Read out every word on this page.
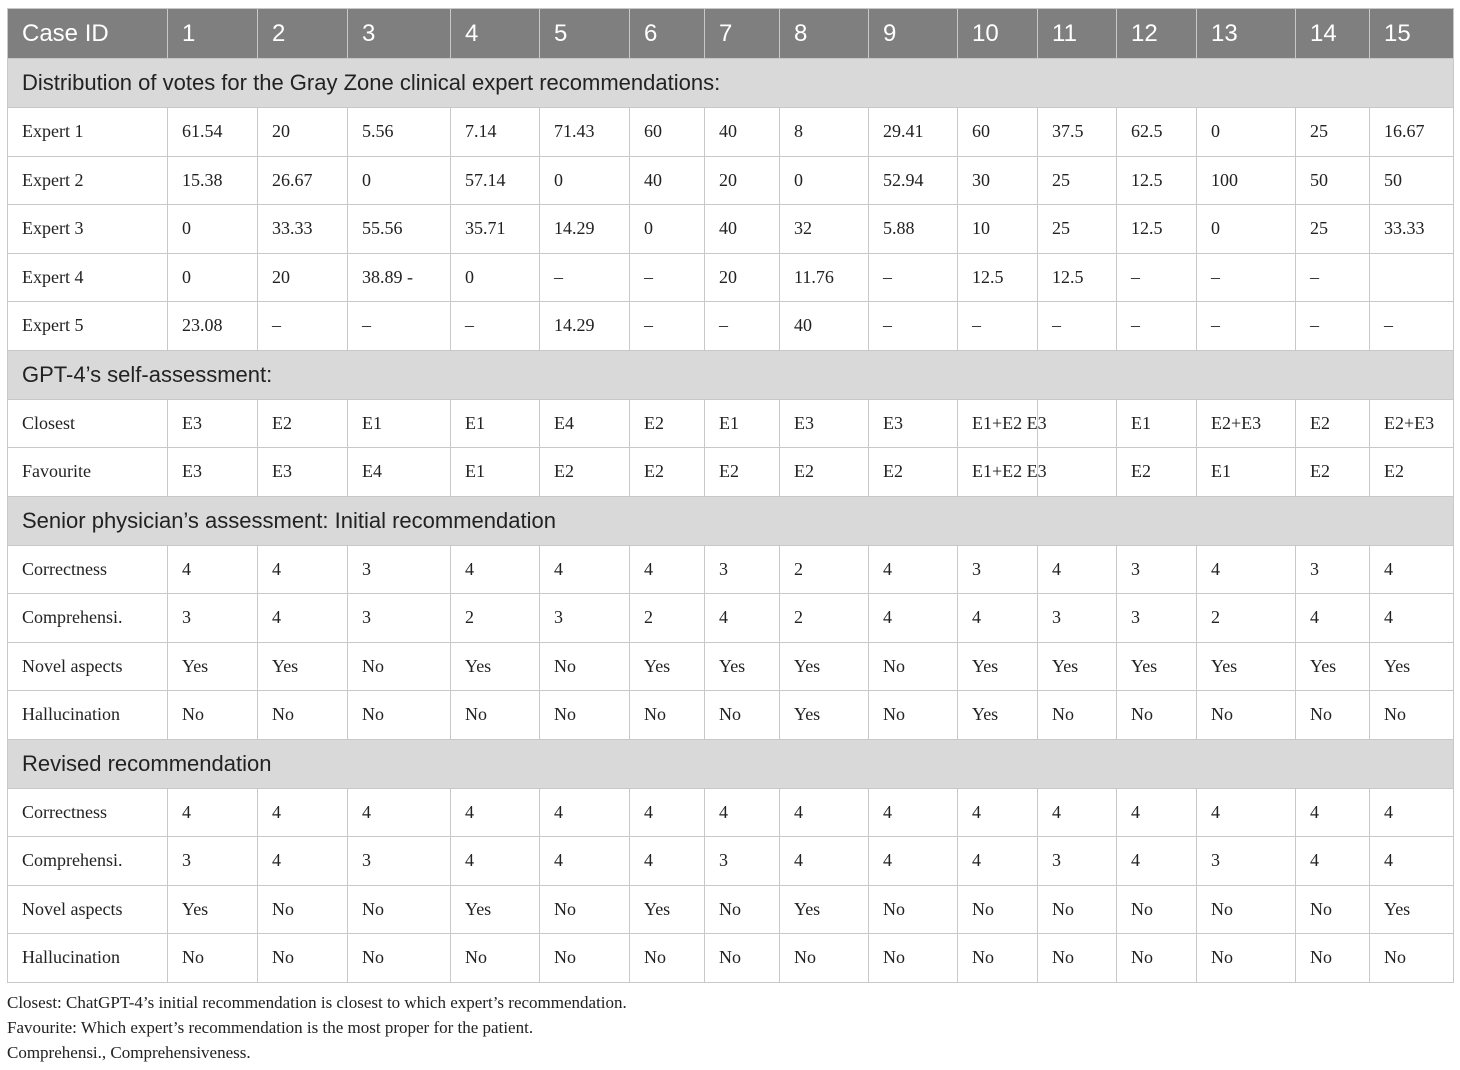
Case ID	1	2	3	4	5	6	7	8	9	10	11	12	13	14	15
Distribution of votes for the Gray Zone clinical expert recommendations:															
Expert 1	61.54	20	5.56	7.14	71.43	60	40	8	29.41	60	37.5	62.5	0	25	16.67
Expert 2	15.38	26.67	0	57.14	0	40	20	0	52.94	30	25	12.5	100	50	50
Expert 3	0	33.33	55.56	35.71	14.29	0	40	32	5.88	10	25	12.5	0	25	33.33
Expert 4	0	20	38.89 -	0	–	–	20	11.76	–	12.5	12.5	–	–	–	
Expert 5	23.08	–	–	–	14.29	–	–	40	–	–	–	–	–	–	–
GPT-4’s self-assessment:															
Closest	E3	E2	E1	E1	E4	E2	E1	E3	E3	E1+E2 E3		E1	E2+E3	E2	E2+E3
Favourite	E3	E3	E4	E1	E2	E2	E2	E2	E2	E1+E2 E3		E2	E1	E2	E2
Senior physician’s assessment: Initial recommendation															
Correctness	4	4	3	4	4	4	3	2	4	3	4	3	4	3	4
Comprehensi.	3	4	3	2	3	2	4	2	4	4	3	3	2	4	4
Novel aspects	Yes	Yes	No	Yes	No	Yes	Yes	Yes	No	Yes	Yes	Yes	Yes	Yes	Yes
Hallucination	No	No	No	No	No	No	No	Yes	No	Yes	No	No	No	No	No
Revised recommendation															
Correctness	4	4	4	4	4	4	4	4	4	4	4	4	4	4	4
Comprehensi.	3	4	3	4	4	4	3	4	4	4	3	4	3	4	4
Novel aspects	Yes	No	No	Yes	No	Yes	No	Yes	No	No	No	No	No	No	Yes
Hallucination	No	No	No	No	No	No	No	No	No	No	No	No	No	No	No
Closest: ChatGPT-4’s initial recommendation is closest to which expert’s recommendation.
Favourite: Which expert’s recommendation is the most proper for the patient.
Comprehensi., Comprehensiveness.
